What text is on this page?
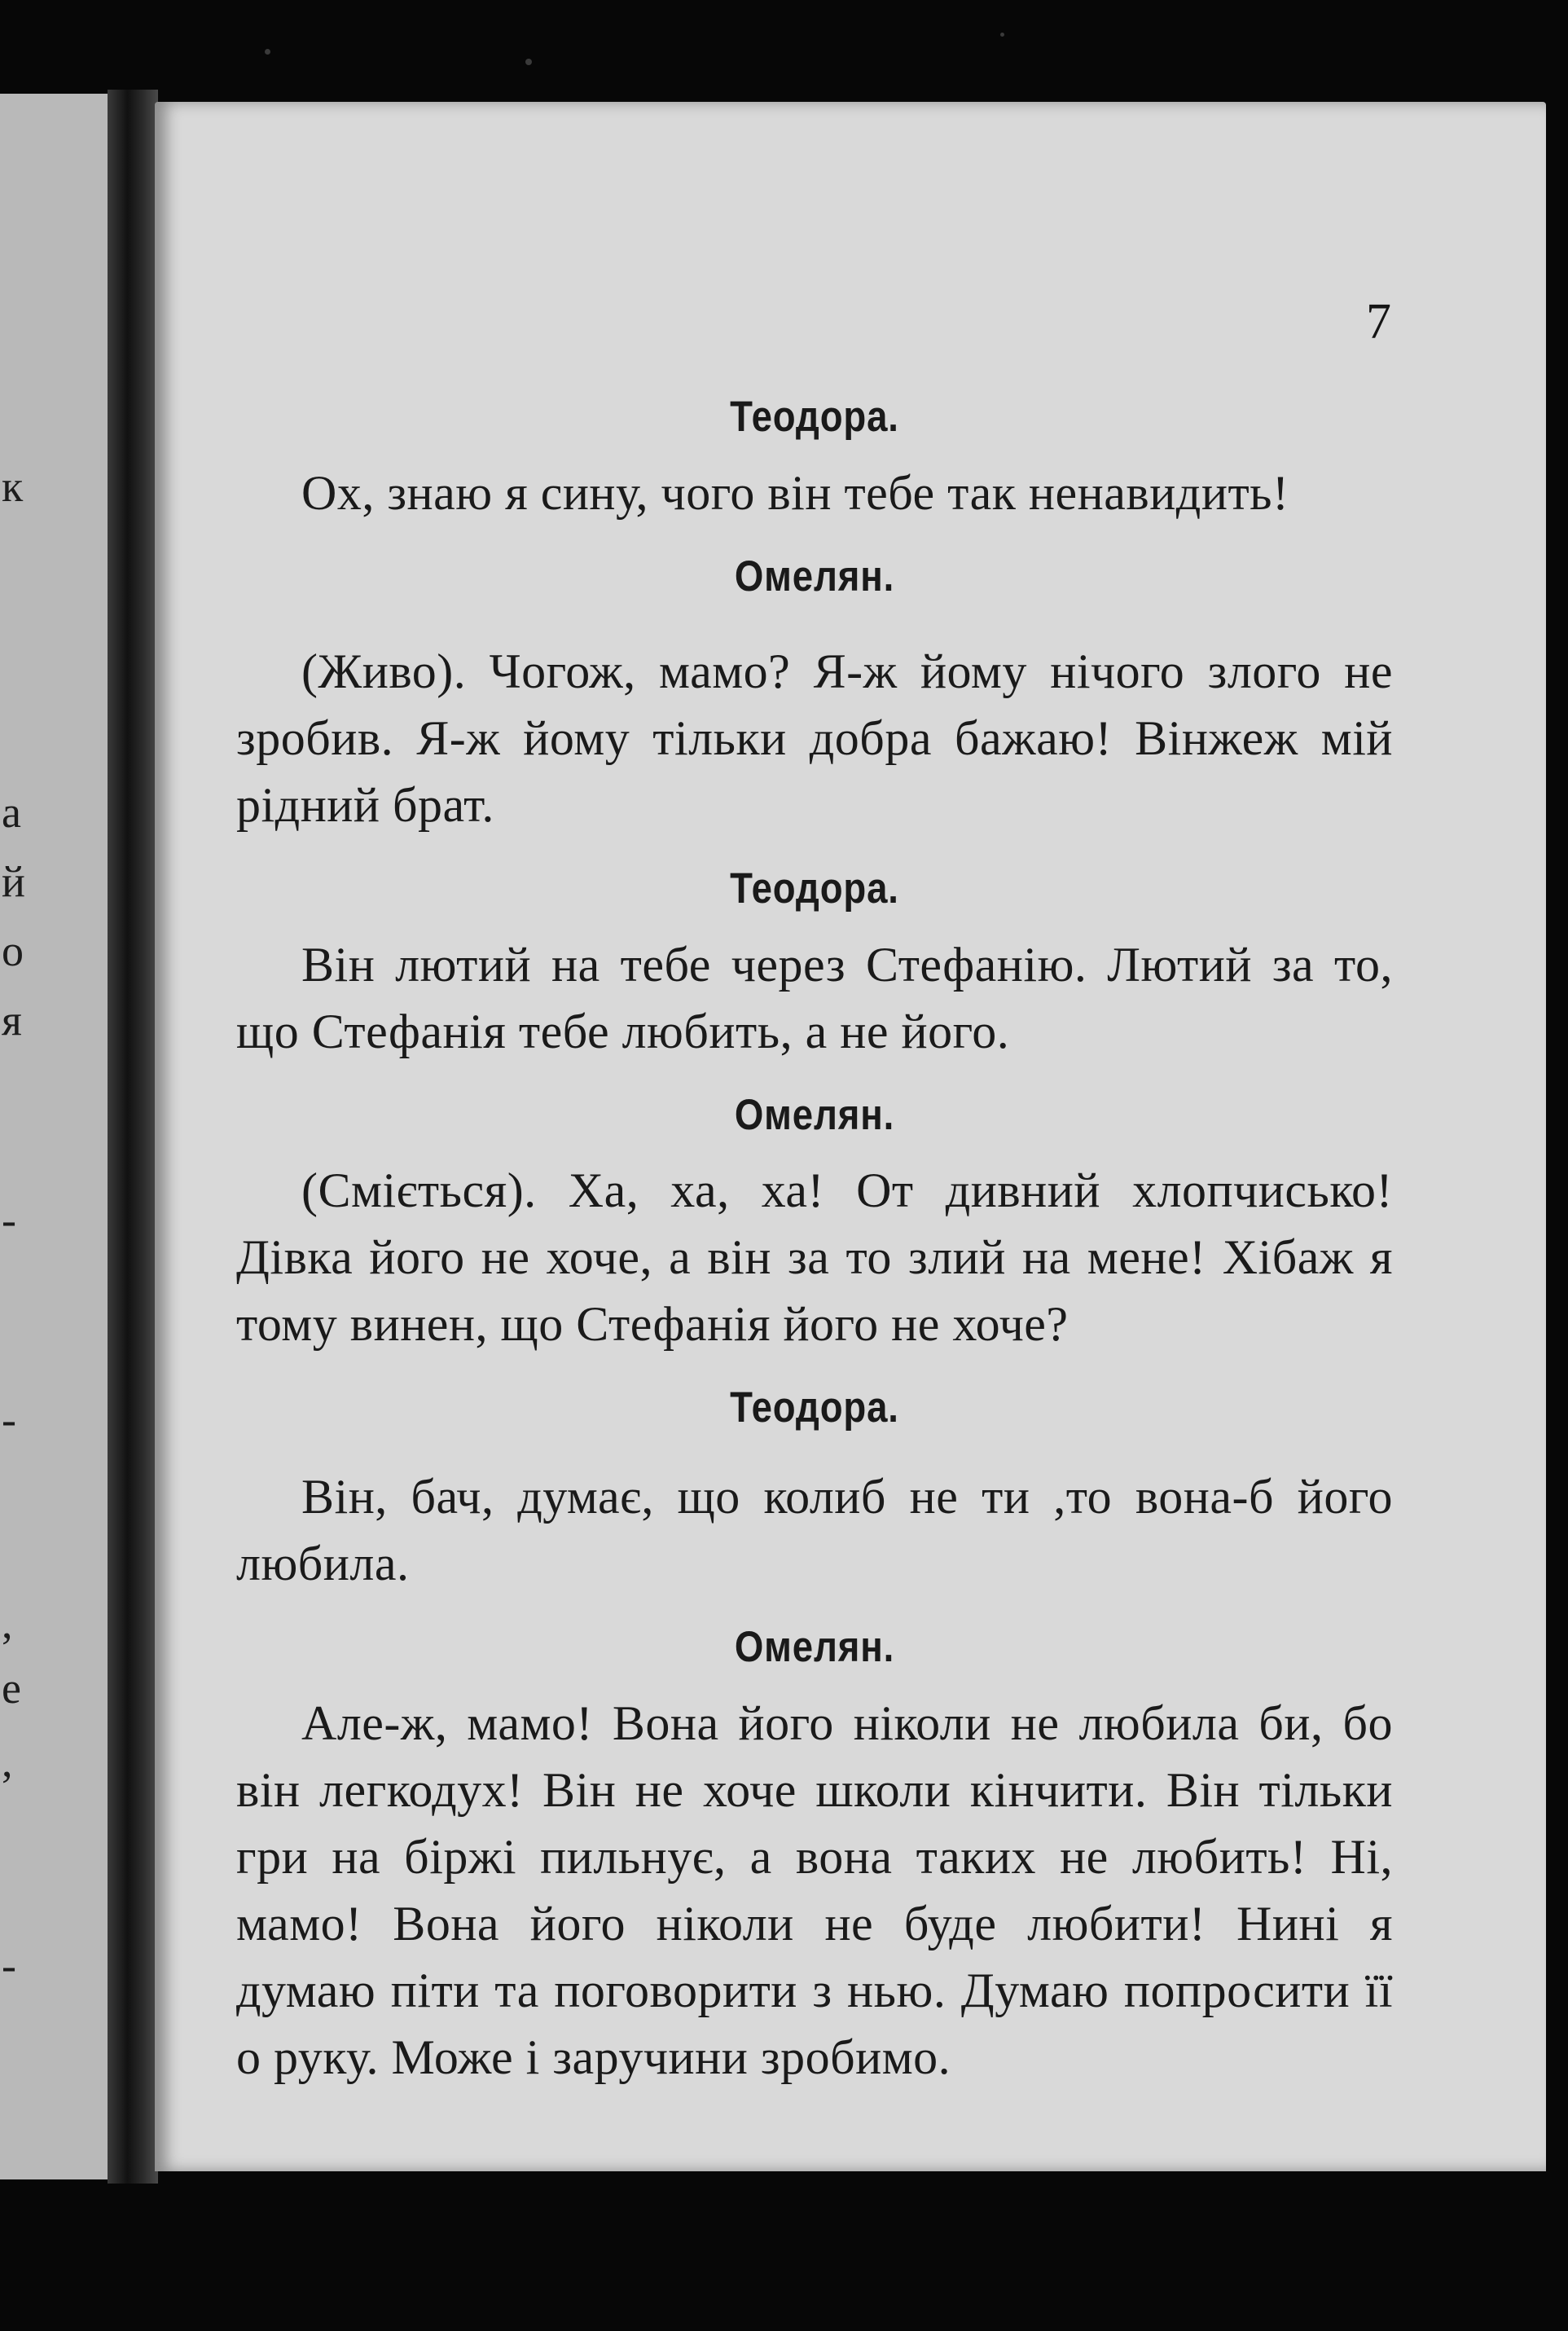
к
а
й
о
я
-
-
,
е
,
-
7
Теодора.
Ох, знаю я сину, чого він тебе так ненавидить!
Омелян.
(Живо). Чогож, мамо? Я-ж йому нічого злого не зробив. Я-ж йому тільки добра бажаю! Вінжеж мій рідний брат.
Теодора.
Він лютий на тебе через Стефанію. Лютий за то, що Стефанія тебе любить, а не його.
Омелян.
(Сміється). Ха, ха, ха! От дивний хлопчисько! Дівка його не хоче, а він за то злий на мене! Хібаж я тому винен, що Стефанія його не хоче?
Теодора.
Він, бач, думає, що колиб не ти ,то вона-б його любила.
Омелян.
Але-ж, мамо! Вона його ніколи не любила би, бо він легкодух! Він не хоче школи кінчити. Він тільки гри на біржі пильнує, а вона таких не любить! Ні, мамо! Вона його ніколи не буде любити! Нині я думаю піти та поговорити з нью. Думаю попросити її о руку. Може і заручини зробимо.
